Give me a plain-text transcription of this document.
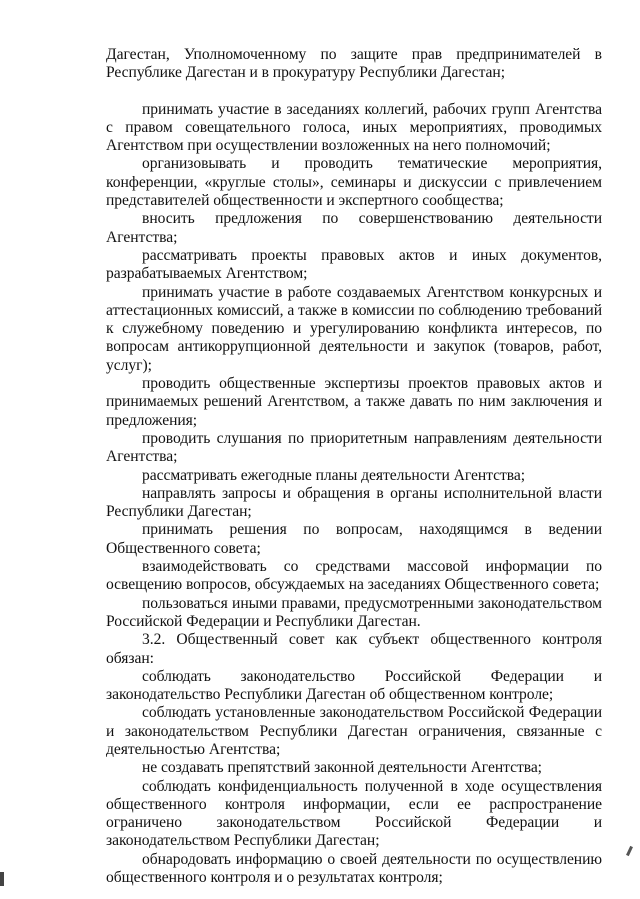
Дагестан, Уполномоченному по защите прав предпринимателей в Республике Дагестан и в прокуратуру Республики Дагестан;

принимать участие в заседаниях коллегий, рабочих групп Агентства с правом совещательного голоса, иных мероприятиях, проводимых Агентством при осуществлении возложенных на него полномочий;

организовывать и проводить тематические мероприятия, конференции, «круглые столы», семинары и дискуссии с привлечением представителей общественности и экспертного сообщества;

вносить предложения по совершенствованию деятельности Агентства;

рассматривать проекты правовых актов и иных документов, разрабатываемых Агентством;

принимать участие в работе создаваемых Агентством конкурсных и аттестационных комиссий, а также в комиссии по соблюдению требований к служебному поведению и урегулированию конфликта интересов, по вопросам антикоррупционной деятельности и закупок (товаров, работ, услуг);

проводить общественные экспертизы проектов правовых актов и принимаемых решений Агентством, а также давать по ним заключения и предложения;

проводить слушания по приоритетным направлениям деятельности Агентства;

рассматривать ежегодные планы деятельности Агентства;

направлять запросы и обращения в органы исполнительной власти Республики Дагестан;

принимать решения по вопросам, находящимся в ведении Общественного совета;

взаимодействовать со средствами массовой информации по освещению вопросов, обсуждаемых на заседаниях Общественного совета;

пользоваться иными правами, предусмотренными законодательством Российской Федерации и Республики Дагестан.

3.2. Общественный совет как субъект общественного контроля обязан:

соблюдать законодательство Российской Федерации и законодательство Республики Дагестан об общественном контроле;

соблюдать установленные законодательством Российской Федерации и законодательством Республики Дагестан ограничения, связанные с деятельностью Агентства;

не создавать препятствий законной деятельности Агентства;

соблюдать конфиденциальность полученной в ходе осуществления общественного контроля информации, если ее распространение ограничено законодательством Российской Федерации и законодательством Республики Дагестан;

обнародовать информацию о своей деятельности по осуществлению общественного контроля и о результатах контроля;
